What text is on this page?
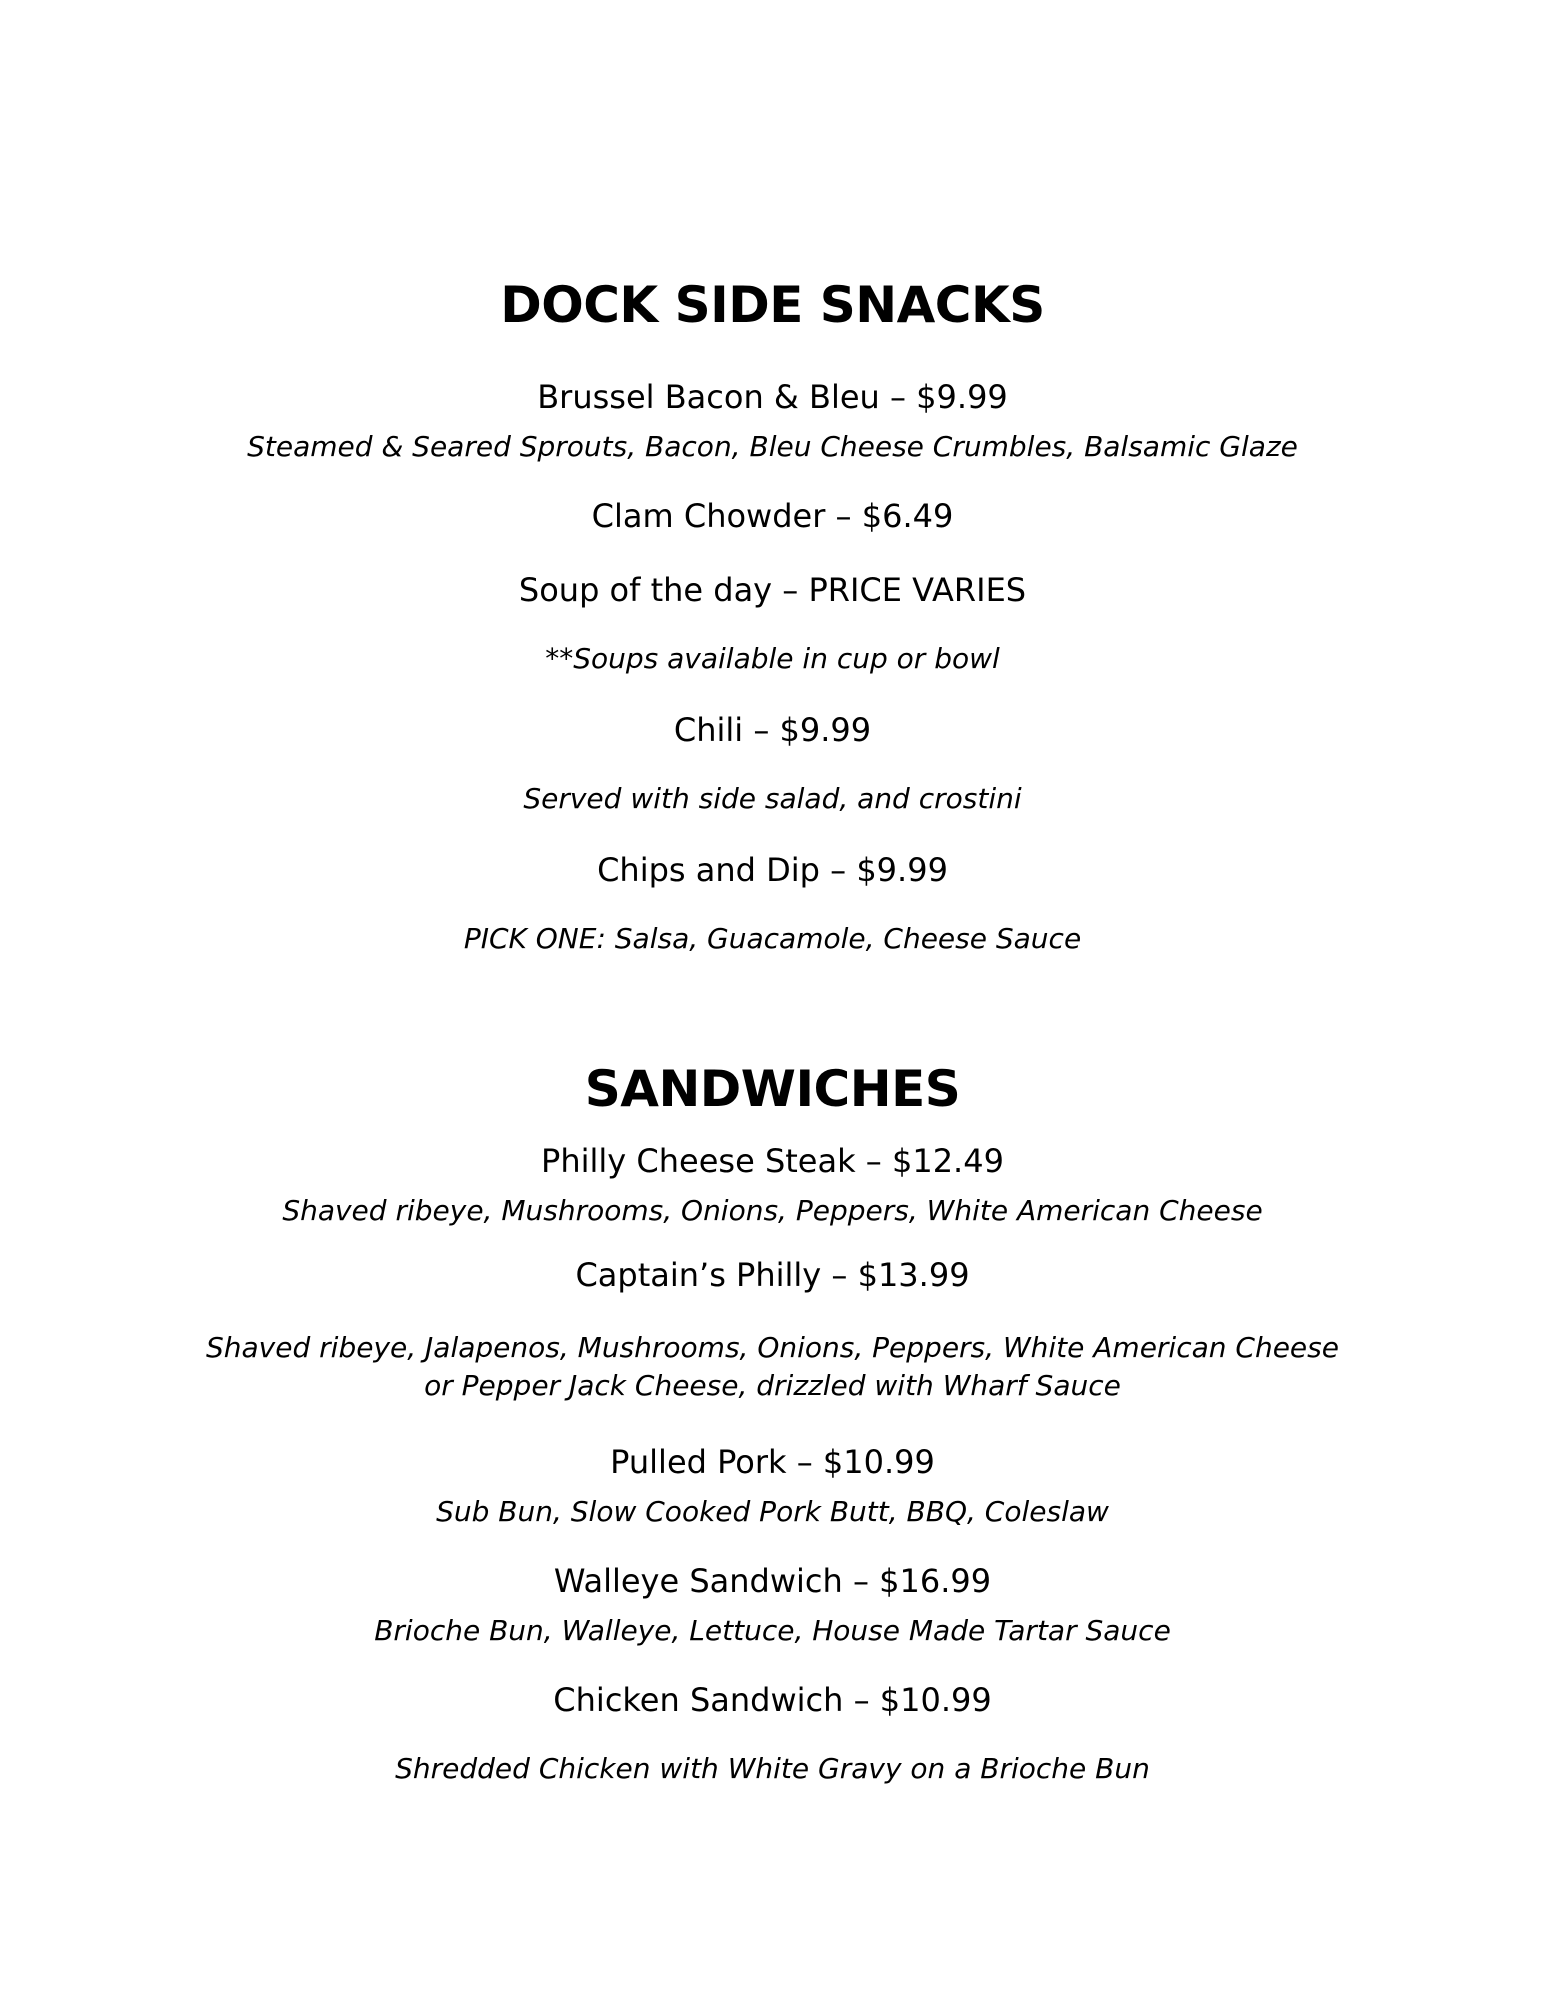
DOCK SIDE SNACKS
Brussel Bacon & Bleu – $9.99
Steamed & Seared Sprouts, Bacon, Bleu Cheese Crumbles, Balsamic Glaze
Clam Chowder – $6.49
Soup of the day – PRICE VARIES
**Soups available in cup or bowl
Chili – $9.99
Served with side salad, and crostini
Chips and Dip – $9.99
PICK ONE: Salsa, Guacamole, Cheese Sauce
SANDWICHES
Philly Cheese Steak – $12.49
Shaved ribeye, Mushrooms, Onions, Peppers, White American Cheese
Captain’s Philly – $13.99
Shaved ribeye, Jalapenos, Mushrooms, Onions, Peppers, White American Cheese
or Pepper Jack Cheese, drizzled with Wharf Sauce
Pulled Pork – $10.99
Sub Bun, Slow Cooked Pork Butt, BBQ, Coleslaw
Walleye Sandwich – $16.99
Brioche Bun, Walleye, Lettuce, House Made Tartar Sauce
Chicken Sandwich – $10.99
Shredded Chicken with White Gravy on a Brioche Bun
